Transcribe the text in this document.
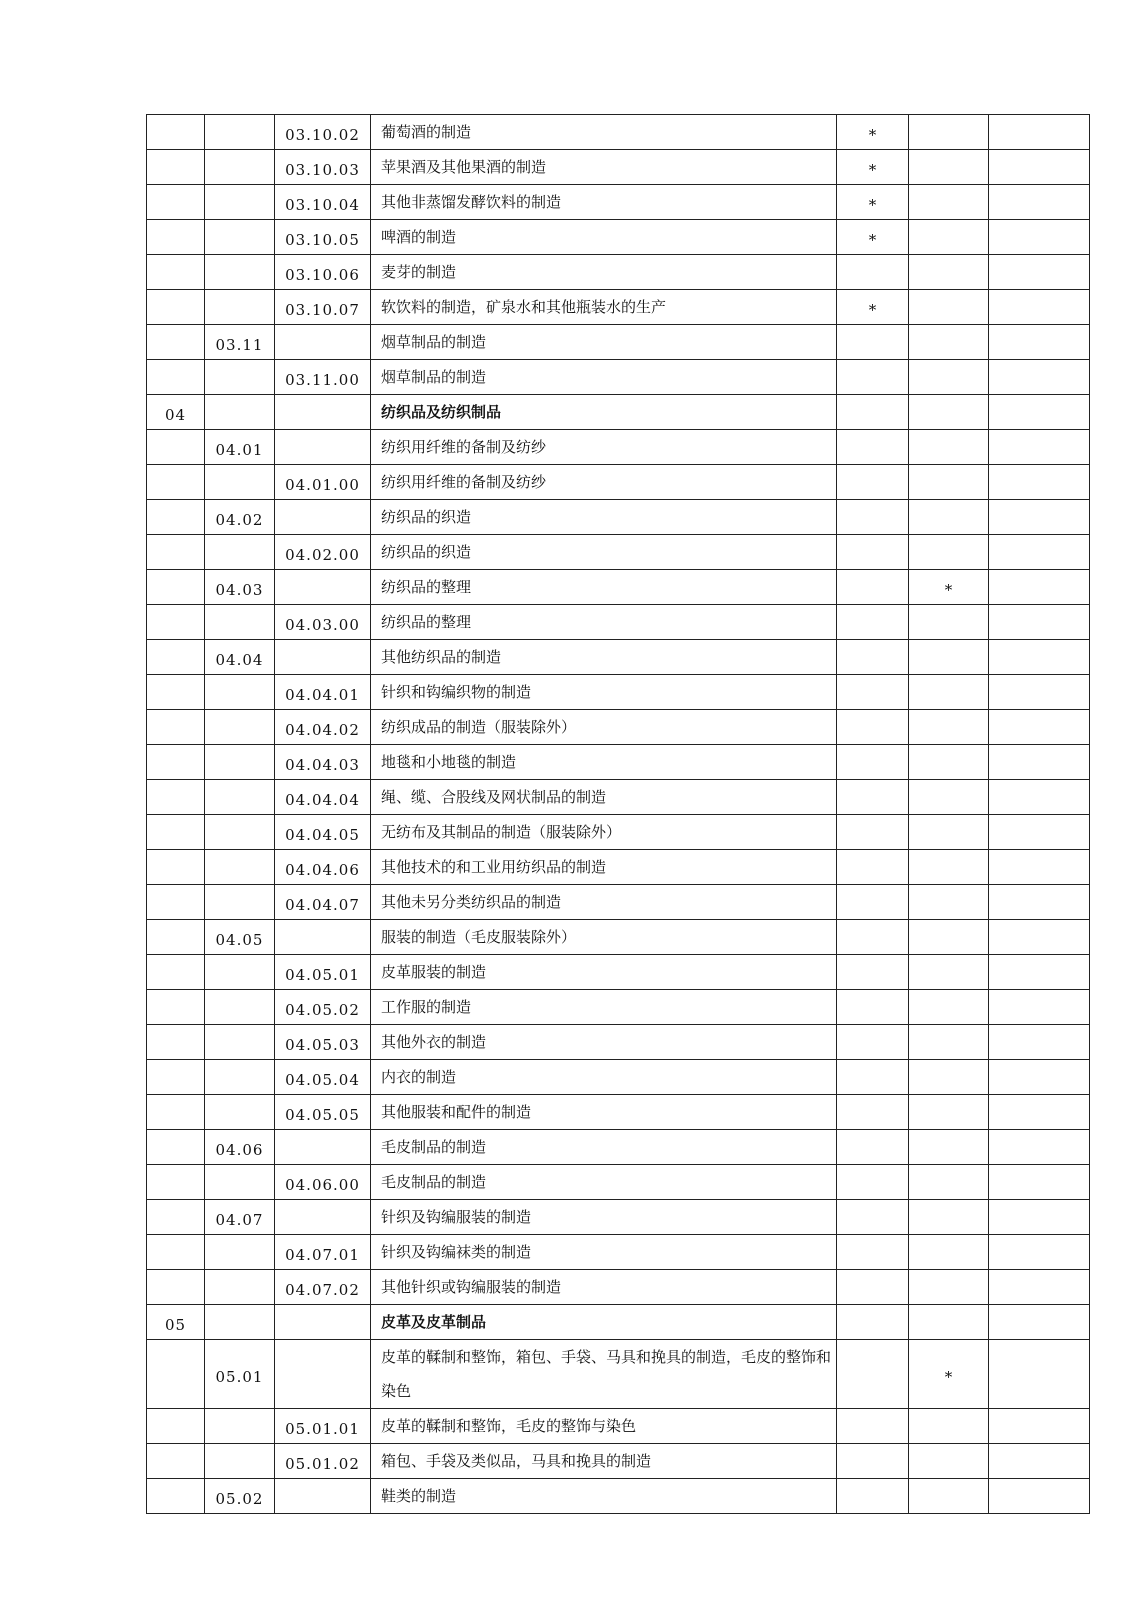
		03.10.02	葡萄酒的制造	*		
		03.10.03	苹果酒及其他果酒的制造	*		
		03.10.04	其他非蒸馏发酵饮料的制造	*		
		03.10.05	啤酒的制造	*		
		03.10.06	麦芽的制造			
		03.10.07	软饮料的制造，矿泉水和其他瓶装水的生产	*		
	03.11		烟草制品的制造			
		03.11.00	烟草制品的制造			
04			纺织品及纺织制品			
	04.01		纺织用纤维的备制及纺纱			
		04.01.00	纺织用纤维的备制及纺纱			
	04.02		纺织品的织造			
		04.02.00	纺织品的织造			
	04.03		纺织品的整理		*	
		04.03.00	纺织品的整理			
	04.04		其他纺织品的制造			
		04.04.01	针织和钩编织物的制造			
		04.04.02	纺织成品的制造（服装除外）			
		04.04.03	地毯和小地毯的制造			
		04.04.04	绳、缆、合股线及网状制品的制造			
		04.04.05	无纺布及其制品的制造（服装除外）			
		04.04.06	其他技术的和工业用纺织品的制造			
		04.04.07	其他未另分类纺织品的制造			
	04.05		服装的制造（毛皮服装除外）			
		04.05.01	皮革服装的制造			
		04.05.02	工作服的制造			
		04.05.03	其他外衣的制造			
		04.05.04	内衣的制造			
		04.05.05	其他服装和配件的制造			
	04.06		毛皮制品的制造			
		04.06.00	毛皮制品的制造			
	04.07		针织及钩编服装的制造			
		04.07.01	针织及钩编袜类的制造			
		04.07.02	其他针织或钩编服装的制造			
05			皮革及皮革制品			
	05.01		皮革的鞣制和整饰，箱包、手袋、马具和挽具的制造，毛皮的整饰和染色		*	
		05.01.01	皮革的鞣制和整饰，毛皮的整饰与染色			
		05.01.02	箱包、手袋及类似品，马具和挽具的制造			
	05.02		鞋类的制造			
